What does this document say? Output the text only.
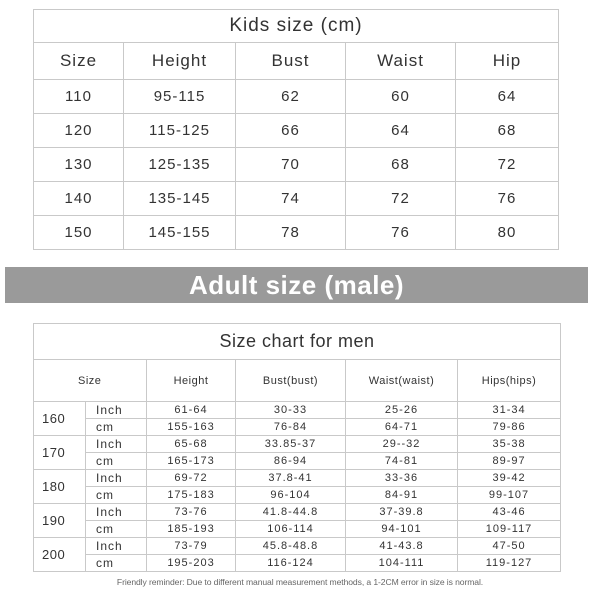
Kids size (cm)				
Size	Height	Bust	Waist	Hip
110	95-115	62	60	64
120	115-125	66	64	68
130	125-135	70	68	72
140	135-145	74	72	76
150	145-155	78	76	80
Adult size (male)
Size chart for men					
Size		Height	Bust(bust)	Waist(waist)	Hips(hips)
160	Inch	61-64	30-33	25-26	31-34
	cm	155-163	76-84	64-71	79-86
170	Inch	65-68	33.85-37	29--32	35-38
	cm	165-173	86-94	74-81	89-97
180	Inch	69-72	37.8-41	33-36	39-42
	cm	175-183	96-104	84-91	99-107
190	Inch	73-76	41.8-44.8	37-39.8	43-46
	cm	185-193	106-114	94-101	109-117
200	Inch	73-79	45.8-48.8	41-43.8	47-50
	cm	195-203	116-124	104-111	119-127
Friendly reminder: Due to different manual measurement methods, a 1-2CM error in size is normal.
